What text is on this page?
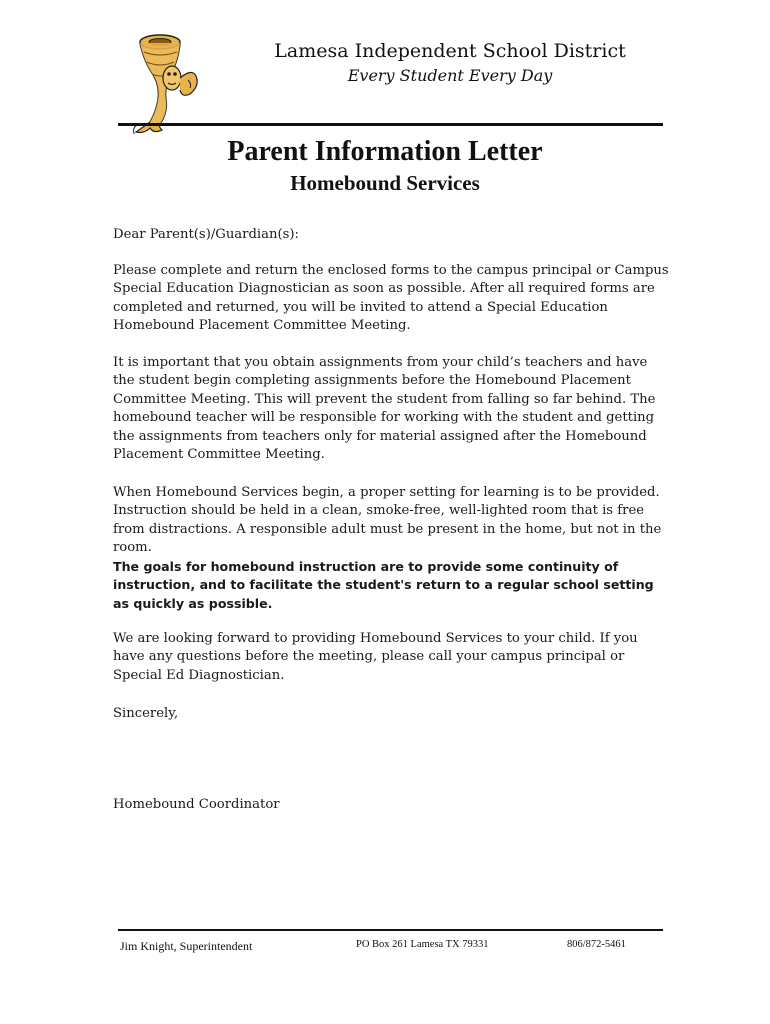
Lamesa Independent School District
Every Student Every Day
Parent Information Letter
Homebound Services
Dear Parent(s)/Guardian(s):

Please complete and return the enclosed forms to the campus principal or Campus Special Education Diagnostician as soon as possible. After all required forms are completed and returned, you will be invited to attend a Special Education Homebound Placement Committee Meeting.

It is important that you obtain assignments from your child’s teachers and have the student begin completing assignments before the Homebound Placement Committee Meeting. This will prevent the student from falling so far behind. The homebound teacher will be responsible for working with the student and getting the assignments from teachers only for material assigned after the Homebound Placement Committee Meeting.

When Homebound Services begin, a proper setting for learning is to be provided. Instruction should be held in a clean, smoke-free, well-lighted room that is free from distractions. A responsible adult must be present in the home, but not in the room.

The goals for homebound instruction are to provide some continuity of instruction, and to facilitate the student's return to a regular school setting as quickly as possible.

We are looking forward to providing Homebound Services to your child. If you have any questions before the meeting, please call your campus principal or Special Ed Diagnostician.

Sincerely,
Homebound Coordinator
Jim Knight, Superintendent	PO Box 261 Lamesa TX 79331	806/872-5461
